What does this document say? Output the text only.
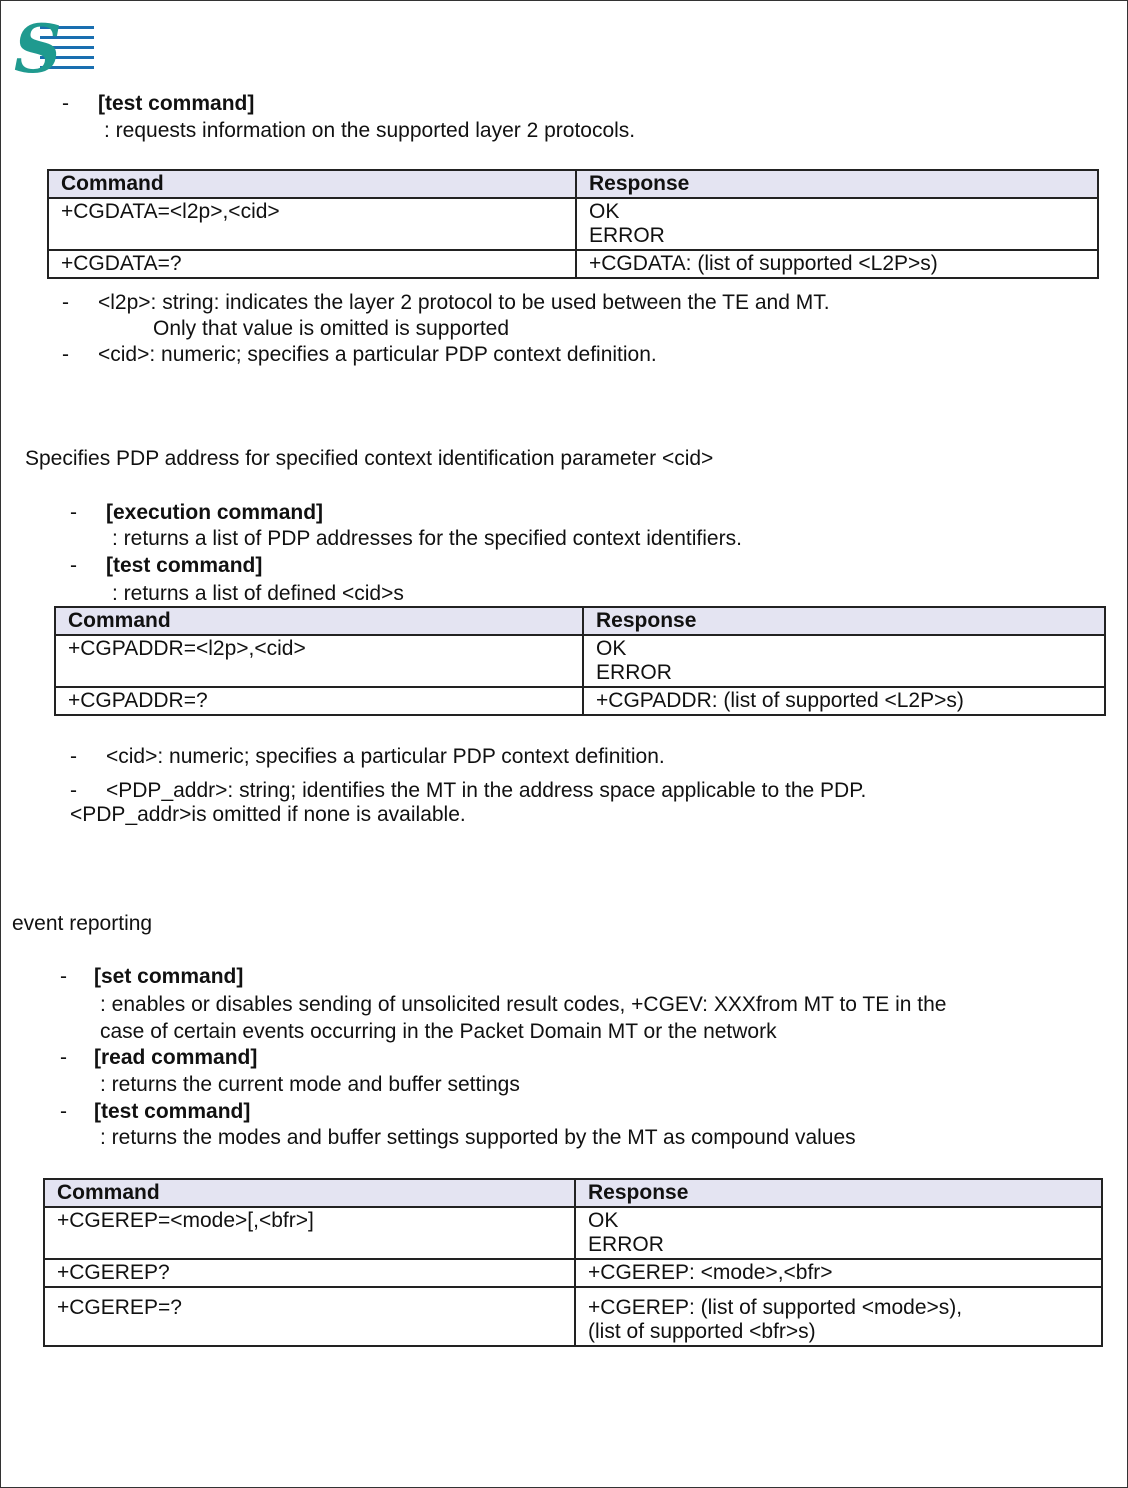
S
- [test command]
: requests information on the supported layer 2 protocols.
Command	Response
+CGDATA=<l2p>,<cid>	OK
ERROR

+CGDATA=?	+CGDATA: (list of supported <L2P>s)
- <l2p>: string: indicates the layer 2 protocol to be used between the TE and MT.
Only that value is omitted is supported
- <cid>: numeric; specifies a particular PDP context definition.
Specifies PDP address for specified context identification parameter <cid>
- [execution command]
: returns a list of PDP addresses for the specified context identifiers.
- [test command]
: returns a list of defined <cid>s
Command	Response
+CGPADDR=<l2p>,<cid>	OK
ERROR

+CGPADDR=?	+CGPADDR: (list of supported <L2P>s)
- <cid>: numeric; specifies a particular PDP context definition.
- <PDP_addr>: string; identifies the MT in the address space applicable to the PDP.
<PDP_addr>is omitted if none is available.
event reporting
- [set command]
: enables or disables sending of unsolicited result codes, +CGEV: XXXfrom MT to TE in the
case of certain events occurring in the Packet Domain MT or the network
- [read command]
: returns the current mode and buffer settings
- [test command]
: returns the modes and buffer settings supported by the MT as compound values
Command	Response
+CGEREP=<mode>[,<bfr>]	OK
ERROR

+CGEREP?	+CGEREP: <mode>,<bfr>
+CGEREP=?	+CGEREP: (list of supported <mode>s),
(list of supported <bfr>s)
